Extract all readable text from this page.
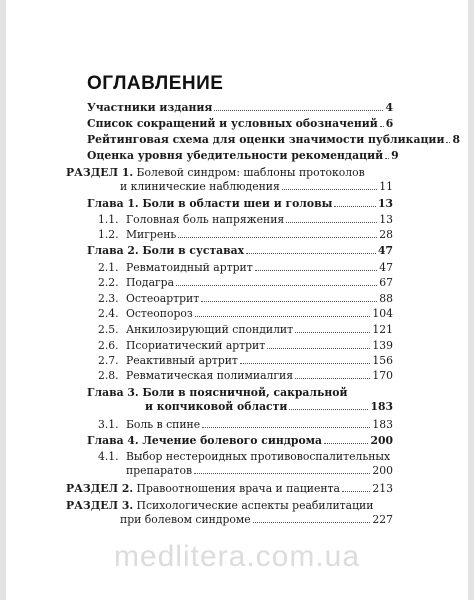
ОГЛАВЛЕНИЕ
Участники издания	4
Список сокращений и условных обозначений 6
Рейтинговая схема для оценки значимости публикации 8
Оценка уровня убедительности рекомендаций 9
РАЗДЕЛ 1. Болевой синдром: шаблоны протоколов
и клинические наблюдения	11
Глава 1. Боли в области шеи и головы	13
1.1. Головная боль напряжения	13
1.2. Мигрень	28
Глава 2. Боли в суставах	47
2.1. Ревматоидный артрит	47
2.2. Подагра	67
2.3. Остеоартрит	88
2.4. Остеопороз	104
2.5. Анкилозирующий спондилит	121
2.6. Псориатический артрит	139
2.7. Реактивный артрит	156
2.8. Ревматическая полимиалгия	170
Глава 3. Боли в поясничной, сакральной
и копчиковой области	183
3.1. Боль в спине	183
Глава 4. Лечение болевого синдрома	200
4.1. Выбор нестероидных противовоспалительных
препаратов	200
РАЗДЕЛ 2. Правоотношения врача и пациента	213
РАЗДЕЛ 3. Психологические аспекты реабилитации
при болевом синдроме	227
medlitera.com.ua
